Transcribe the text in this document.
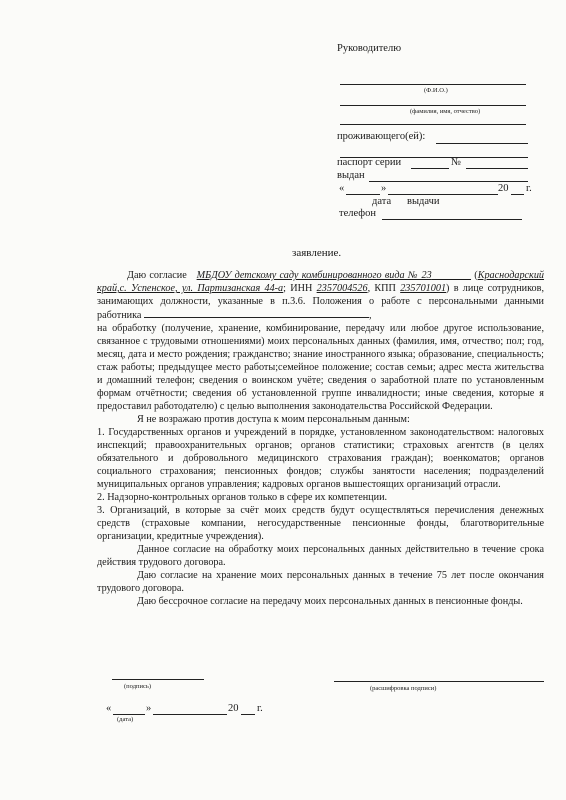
Руководителю
(Ф.И.О.)
(фамилия, имя, отчество)
проживающего(ей):
паспорт серии	№
выдан
«	»	20 г.
дата выдачи
телефон
заявление.

Даю согласие МБДОУ детскому саду комбинированного вида № 23	(Краснодарский край,с. Успенское, ул. Партизанская 44-а; ИНН 2357004526, КПП 235701001) в лице сотрудников, занимающих должности, указанные в п.3.6. Положения о работе с персональными данными работника	,

на обработку (получение, хранение, комбинирование, передачу или любое другое использование, связанное с трудовыми отношениями) моих персональных данных (фамилия, имя, отчество; пол; год, месяц, дата и место рождения; гражданство; знание иностранного языка; образование, специальность; стаж работы; предыдущее место работы;семейное положение; состав семьи; адрес места жительства и домашний телефон; сведения о воинском учёте; сведения о заработной плате по установленным формам отчётности; сведения об установленной группе инвалидности; иные сведения, которые я предоставил работодателю) с целью выполнения законодательства Российской Федерации.

Я не возражаю против доступа к моим персональным данным:

1. Государственных органов и учреждений в порядке, установленном законодательством: налоговых инспекций; правоохранительных органов; органов статистики; страховых агентств (в целях обязательного и добровольного медицинского страхования граждан); военкоматов; органов социального страхования; пенсионных фондов; службы занятости населения; подразделений муниципальных органов управления; кадровых органов вышестоящих организаций отрасли.

2. Надзорно-контрольных органов только в сфере их компетенции.

3. Организаций, в которые за счёт моих средств будут осуществляться перечисления денежных средств (страховые компании, негосударственные пенсионные фонды, благотворительные организации, кредитные учреждения).

Данное согласие на обработку моих персональных данных действительно в течение срока действия трудового договора.

Даю согласие на хранение моих персональных данных в течение 75 лет после окончания трудового договора.

Даю бессрочное согласие на передачу моих персональных данных в пенсионные фонды.

(подпись)	(расшифровка подписи)
«	»	20 г.
(дата)
